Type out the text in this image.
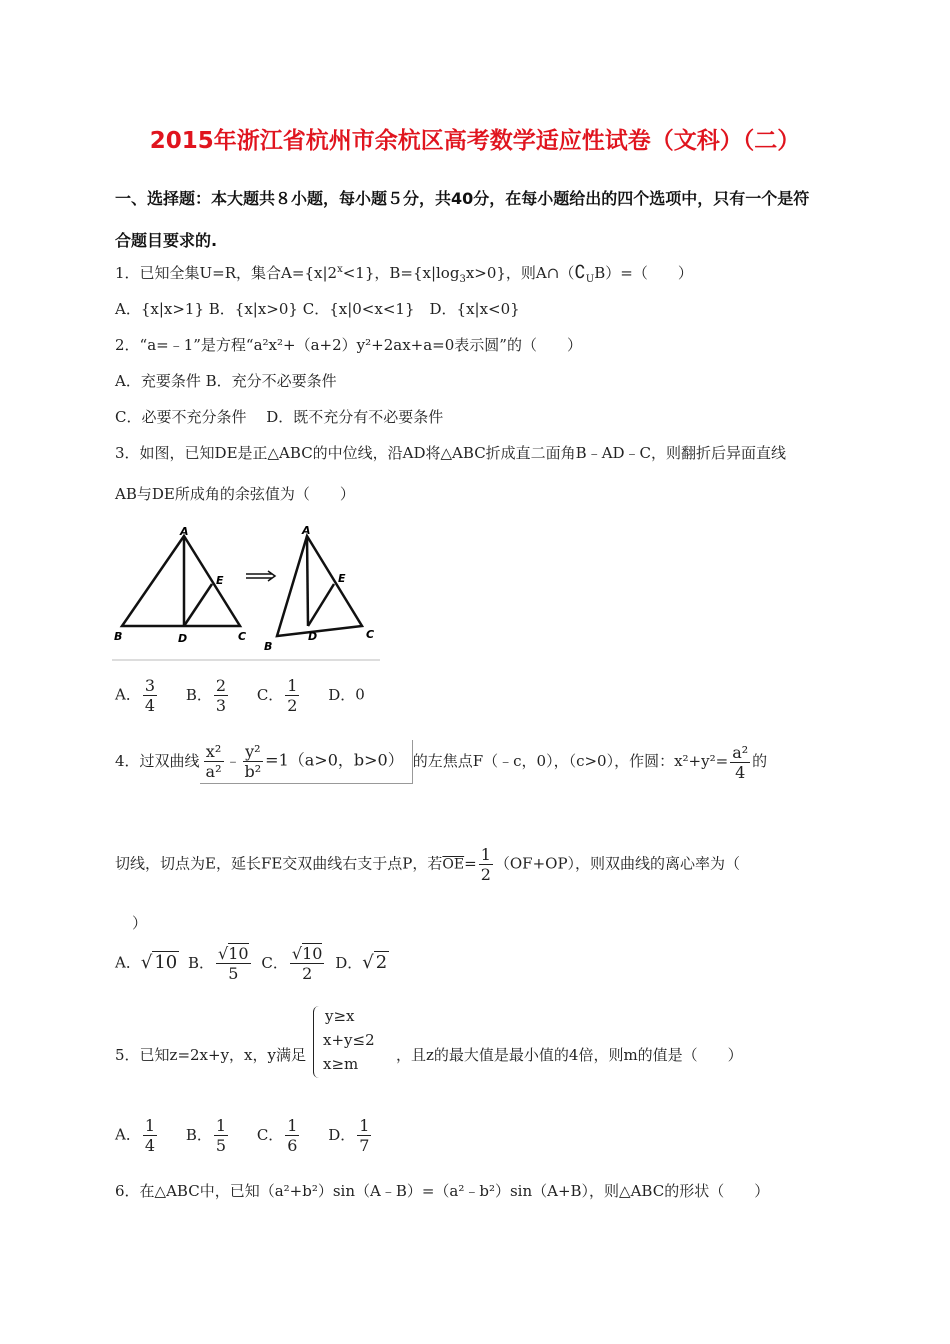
2015年浙江省杭州市余杭区高考数学适应性试卷（文科）（二）
一、选择题：本大题共８小题，每小题５分，共40分，在每小题给出的四个选项中，只有一个是符
合题目要求的.
1．已知全集U=R，集合$A=\{x|2^x<1\}$，$B=\{x|\log_3x>0\}$，则$A\cap(∁_UB)=$（　　）
A．{x|x>1} B．{x|x>0} C．{x|0<x<1}　D．{x|x<0}
2．“a=﹣1”是方程“a²x²+（a+2）y²+2ax+a=0表示圆”的（　　）
A．充要条件 B．充分不必要条件
C．必要不充分条件　 D．既不充分有不必要条件
3．如图，已知DE是正△ABC的中位线，沿AD将△ABC折成直二面角B﹣AD﹣C，则翻折后异面直线
AB与DE所成角的余弦值为（　　）
A
B	D	C
E
A
B
D	C
E
A． $\frac{3}{4}$ B． $\frac{2}{3}$ C． $\frac{1}{2}$ D．0
4．过双曲线 $\frac{\text{x²}}{\text{a²}}$ ﹣ $\frac{\text{y²}}{\text{b²}} =1(a>0$，b>0） 的左焦点F（﹣c，0），（c>0），作圆：$x^2+y^2= \frac{\text{a²}}{4}$ 的
切线，切点为E，延长FE交双曲线右支于点P，若$\overline{OE}= \frac{1}{2} (OF+OP)$，则双曲线的离心率为（
）
A．√ 10 B． $\frac{√10}{5}$ C． $\frac{√10}{2}$ D．√ 2
5．已知z=2x+y，x，y满足
y≥x
x+y≤2
x≥m	，且z的最大值是最小值的4倍，则m的值是（　　）
A． $\frac{1}{4}$ B． $\frac{1}{5}$ C． $\frac{1}{6}$ D． $\frac{1}{7}$
6．在△ABC中，已知（a²+b²）sin（A﹣B）=（a²﹣b²）sin（A+B），则△ABC的形状（　　）
